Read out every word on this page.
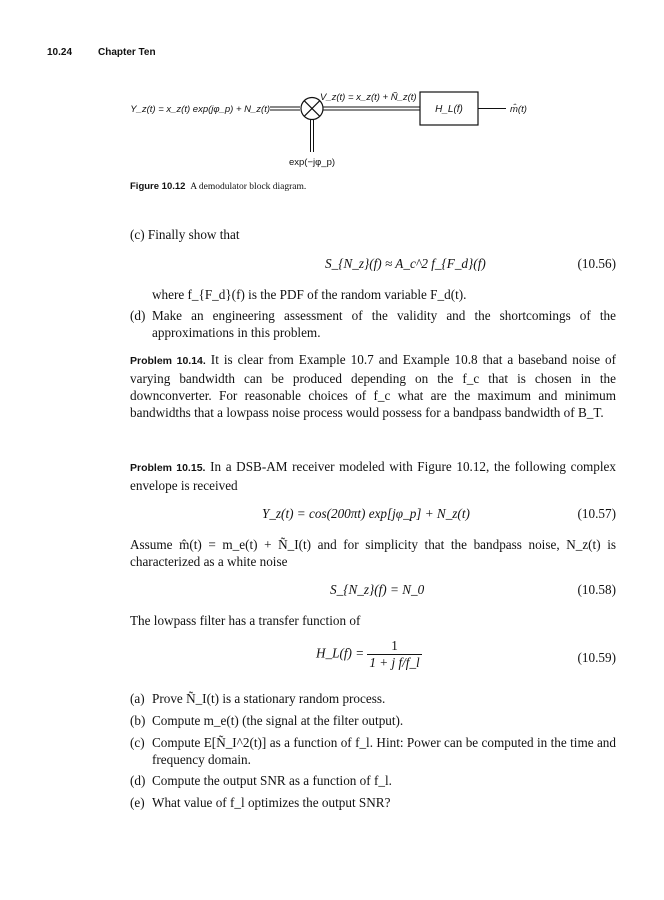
10.24	Chapter Ten
Y_z(t) = x_z(t) exp(jφ_p) + N_z(t)
V_z(t) = x_z(t) + Ñ_z(t)
H_L(f)	m̂(t)
exp(−jφ_p)
Figure 10.12 A demodulator block diagram.
(c) Finally show that
S_{N_z}(f) ≈ A_c^2 f_{F_d}(f)	(10.56)
where f_{F_d}(f) is the PDF of the random variable F_d(t).
(d) Make an engineering assessment of the validity and the shortcomings of the approximations in this problem.
Problem 10.14. It is clear from Example 10.7 and Example 10.8 that a baseband noise of varying bandwidth can be produced depending on the f_c that is chosen in the downconverter. For reasonable choices of f_c what are the maximum and minimum bandwidths that a lowpass noise process would possess for a bandpass bandwidth of B_T.
Problem 10.15. In a DSB-AM receiver modeled with Figure 10.12, the following complex envelope is received
Y_z(t) = cos(200πt) exp[jφ_p] + N_z(t)	(10.57)
Assume m̂(t) = m_e(t) + Ñ_I(t) and for simplicity that the bandpass noise, N_z(t) is characterized as a white noise
S_{N_z}(f) = N_0	(10.58)
The lowpass filter has a transfer function of
H_L(f) = $\frac{1}{\text{1 + j f/f\_l}}$	(10.59)
(a) Prove Ñ_I(t) is a stationary random process.
(b) Compute m_e(t) (the signal at the filter output).
(c) Compute E[Ñ_I^2(t)] as a function of f_l. Hint: Power can be computed in the time and frequency domain.
(d) Compute the output SNR as a function of f_l.
(e) What value of f_l optimizes the output SNR?
